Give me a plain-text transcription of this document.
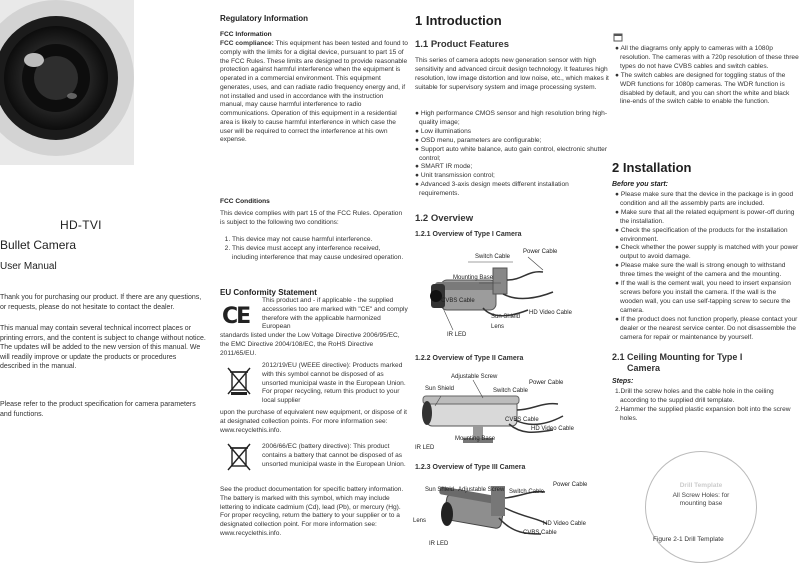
HD-TVI
Bullet Camera
User Manual

Thank you for purchasing our product. If there are any questions, or requests, please do not hesitate to contact the dealer.

This manual may contain several technical incorrect places or printing errors, and the content is subject to change without notice. The updates will be added to the new version of this manual. We will readily improve or update the products or procedures described in the manual.

Please refer to the product specification for camera parameters and functions.

Regulatory Information
FCC Information

FCC compliance: This equipment has been tested and found to comply with the limits for a digital device, pursuant to part 15 of the FCC Rules. These limits are designed to provide reasonable protection against harmful interference when the equipment is operated in a commercial environment. This equipment generates, uses, and can radiate radio frequency energy and, if not installed and used in accordance with the instruction manual, may cause harmful interference to radio communications. Operation of this equipment in a residential area is likely to cause harmful interference in which case the user will be required to correct the interference at his own expense.

FCC Conditions

This device complies with part 15 of the FCC Rules. Operation is subject to the following two conditions:

1. This device may not cause harmful interference.
2. This device must accept any interference received, including interference that may cause undesired operation.
EU Conformity Statement
CE

This product and - if applicable - the supplied accessories too are marked with "CE" and comply therefore with the applicable harmonized European

standards listed under the Low Voltage Directive 2006/95/EC, the EMC Directive 2004/108/EC, the RoHS Directive 2011/65/EU.

2012/19/EU (WEEE directive): Products marked with this symbol cannot be disposed of as unsorted municipal waste in the European Union. For proper recycling, return this product to your local supplier

upon the purchase of equivalent new equipment, or dispose of it at designated collection points. For more information see: www.recyclethis.info.

2006/66/EC (battery directive): This product contains a battery that cannot be disposed of as unsorted municipal waste in the European Union.

See the product documentation for specific battery information. The battery is marked with this symbol, which may include lettering to indicate cadmium (Cd), lead (Pb), or mercury (Hg). For proper recycling, return the battery to your supplier or to a designated collection point. For more information see: www.recyclethis.info.

1 Introduction
1.1 Product Features

This series of camera adopts new generation sensor with high sensitivity and advanced circuit design technology. It features high resolution, low image distortion and low noise, etc., which makes it suitable for supervisory system and image processing system.

● High performance CMOS sensor and high resolution bring high-quality image;
● Low illuminations
● OSD menu, parameters are configurable;
● Support auto white balance, auto gain control, electronic shutter control;
● SMART IR mode;
● Unit transmission control;
● Advanced 3-axis design meets different installation requirements.
1.2 Overview
1.2.1 Overview of Type I Camera
Switch Cable
Power Cable
Mounting Base
CVBS Cable
Sun Shield
HD Video Cable
Lens
IR LED
1.2.2 Overview of Type II Camera
Adjustable Screw
Sun Shield
Power Cable
Switch Cable
CVBS Cable
HD Video Cable
Mounting Base
IR LED
1.2.3 Overview of Type III Camera
Sun Shield Adjustable Screw
Power Cable
Switch Cable
Lens	HD Video Cable
CVBS Cable
IR LED
● All the diagrams only apply to cameras with a 1080p resolution. The cameras with a 720p resolution of these three types do not have CVBS cables and switch cables.
● The switch cables are designed for toggling status of the WDR functions for 1080p cameras. The WDR function is disabled by default, and you can short the white and black line-ends of the switch cable to enable the function.
2 Installation
Before you start:
● Please make sure that the device in the package is in good condition and all the assembly parts are included.
● Make sure that all the related equipment is power-off during the installation.
● Check the specification of the products for the installation environment.
● Check whether the power supply is matched with your power output to avoid damage.
● Please make sure the wall is strong enough to withstand three times the weight of the camera and the mounting.
● If the wall is the cement wall, you need to insert expansion screws before you install the camera. If the wall is the wooden wall, you can use self-tapping screw to secure the camera.
● If the product does not function properly, please contact your dealer or the nearest service center. Do not disassemble the camera for repair or maintenance by yourself.
2.1 Ceiling Mounting for Type I
Camera
Steps:
1.Drill the screw holes and the cable hole in the ceiling according to the supplied drill template.
2.Hammer the supplied plastic expansion bolt into the screw holes.
Drill Template
All Screw Holes: for mounting base
Figure 2-1 Drill Template
